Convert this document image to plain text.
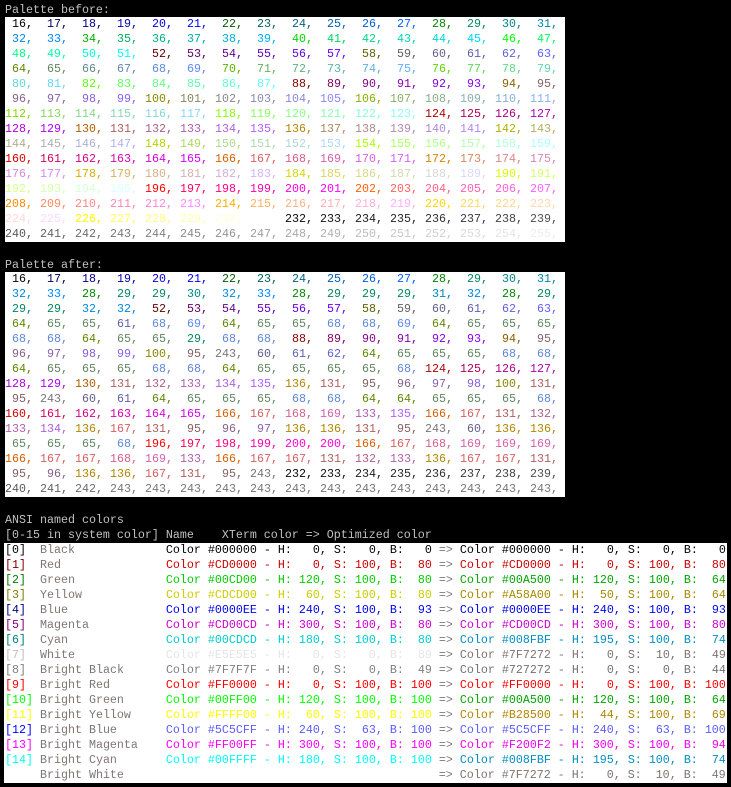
Palette before:
16, 17, 18, 19, 20, 21, 22, 23, 24, 25, 26, 27, 28, 29, 30, 31,
32, 33, 34, 35, 36, 37, 38, 39, 40, 41, 42, 43, 44, 45, 46, 47,
48, 49, 50, 51, 52, 53, 54, 55, 56, 57, 58, 59, 60, 61, 62, 63,
64, 65, 66, 67, 68, 69, 70, 71, 72, 73, 74, 75, 76, 77, 78, 79,
80, 81, 82, 83, 84, 85, 86, 87, 88, 89, 90, 91, 92, 93, 94, 95,
96, 97, 98, 99, 100, 101, 102, 103, 104, 105, 106, 107, 108, 109, 110, 111,
112, 113, 114, 115, 116, 117, 118, 119, 120, 121, 122, 123, 124, 125, 126, 127,
128, 129, 130, 131, 132, 133, 134, 135, 136, 137, 138, 139, 140, 141, 142, 143,
144, 145, 146, 147, 148, 149, 150, 151, 152, 153, 154, 155, 156, 157, 158, 159,
160, 161, 162, 163, 164, 165, 166, 167, 168, 169, 170, 171, 172, 173, 174, 175,
176, 177, 178, 179, 180, 181, 182, 183, 184, 185, 186, 187, 188, 189, 190, 191,
192, 193, 194, 195, 196, 197, 198, 199, 200, 201, 202, 203, 204, 205, 206, 207,
208, 209, 210, 211, 212, 213, 214, 215, 216, 217, 218, 219, 220, 221, 222, 223,
224, 225, 226, 227, 228, 229, 230, 231, 232, 233, 234, 235, 236, 237, 238, 239,
240, 241, 242, 243, 244, 245, 246, 247, 248, 249, 250, 251, 252, 253, 254, 255,
Palette after:
16, 17, 18, 19, 20, 21, 22, 23, 24, 25, 26, 27, 28, 29, 30, 31,
32, 33, 28, 29, 29, 30, 32, 33, 28, 29, 29, 29, 31, 32, 28, 29,
29, 29, 32, 32, 52, 53, 54, 55, 56, 57, 58, 59, 60, 61, 62, 63,
64, 65, 65, 61, 68, 69, 64, 65, 65, 68, 68, 69, 64, 65, 65, 65,
68, 68, 64, 65, 65, 29, 68, 68, 88, 89, 90, 91, 92, 93, 94, 95,
96, 97, 98, 99, 100, 95, 243, 60, 61, 62, 64, 65, 65, 65, 68, 68,
64, 65, 65, 65, 68, 68, 64, 65, 65, 65, 65, 68, 124, 125, 126, 127,
128, 129, 130, 131, 132, 133, 134, 135, 136, 131, 95, 96, 97, 98, 100, 131,
95, 243, 60, 61, 64, 65, 65, 65, 68, 68, 64, 64, 65, 65, 65, 68,
160, 161, 162, 163, 164, 165, 166, 167, 168, 169, 133, 135, 166, 167, 131, 132,
133, 134, 136, 167, 131, 95, 96, 97, 136, 136, 131, 95, 243, 60, 136, 136,
65, 65, 65, 68, 196, 197, 198, 199, 200, 200, 166, 167, 168, 169, 169, 169,
166, 167, 167, 168, 169, 133, 166, 167, 167, 131, 132, 133, 136, 167, 167, 131,
95, 96, 136, 136, 167, 131, 95, 243, 232, 233, 234, 235, 236, 237, 238, 239,
240, 241, 242, 243, 243, 243, 243, 243, 243, 243, 243, 243, 243, 243, 243, 243,
ANSI named colors
[0-15 in system color] Name    XTerm color => Optimized color
[0] Black	Color #000000 - H: 0, S: 0, B: 0 => Color #000000 - H: 0, S: 0, B: 0
[1] Red	Color #CD0000 - H: 0, S: 100, B: 80 => Color #CD0000 - H: 0, S: 100, B: 80
[2] Green	Color #00CD00 - H: 120, S: 100, B: 80 => Color #00A500 - H: 120, S: 100, B: 64
[3] Yellow	Color #CDCD00 - H: 60, S: 100, B: 80 => Color #A58A00 - H: 50, S: 100, B: 64
[4] Blue	Color #0000EE - H: 240, S: 100, B: 93 => Color #0000EE - H: 240, S: 100, B: 93
[5] Magenta	Color #CD00CD - H: 300, S: 100, B: 80 => Color #CD00CD - H: 300, S: 100, B: 80
[6] Cyan	Color #00CDCD - H: 180, S: 100, B: 80 => Color #008FBF - H: 195, S: 100, B: 74
[7] White	Color #E5E5E5 - H: 0, S: 0, B: 89 => Color #7F7272 - H: 0, S: 10, B: 49
[8] Bright Black	Color #7F7F7F - H: 0, S: 0, B: 49 => Color #727272 - H: 0, S: 0, B: 44
[9] Bright Red	Color #FF0000 - H: 0, S: 100, B: 100 => Color #FF0000 - H: 0, S: 100, B: 100
[10] Bright Green	Color #00FF00 - H: 120, S: 100, B: 100 => Color #00A500 - H: 120, S: 100, B: 64
[11] Bright Yellow	Color #FFFF00 - H: 60, S: 100, B: 100 => Color #B28500 - H: 44, S: 100, B: 69
[12] Bright Blue	Color #5C5CFF - H: 240, S: 63, B: 100 => Color #5C5CFF - H: 240, S: 63, B: 100
[13] Bright Magenta Color #FF00FF - H: 300, S: 100, B: 100 => Color #F200F2 - H: 300, S: 100, B: 94
[14] Bright Cyan	Color #00FFFF - H: 180, S: 100, B: 100 => Color #008FBF - H: 195, S: 100, B: 74
Bright White	=> Color #7F7272 - H: 0, S: 10, B: 49
